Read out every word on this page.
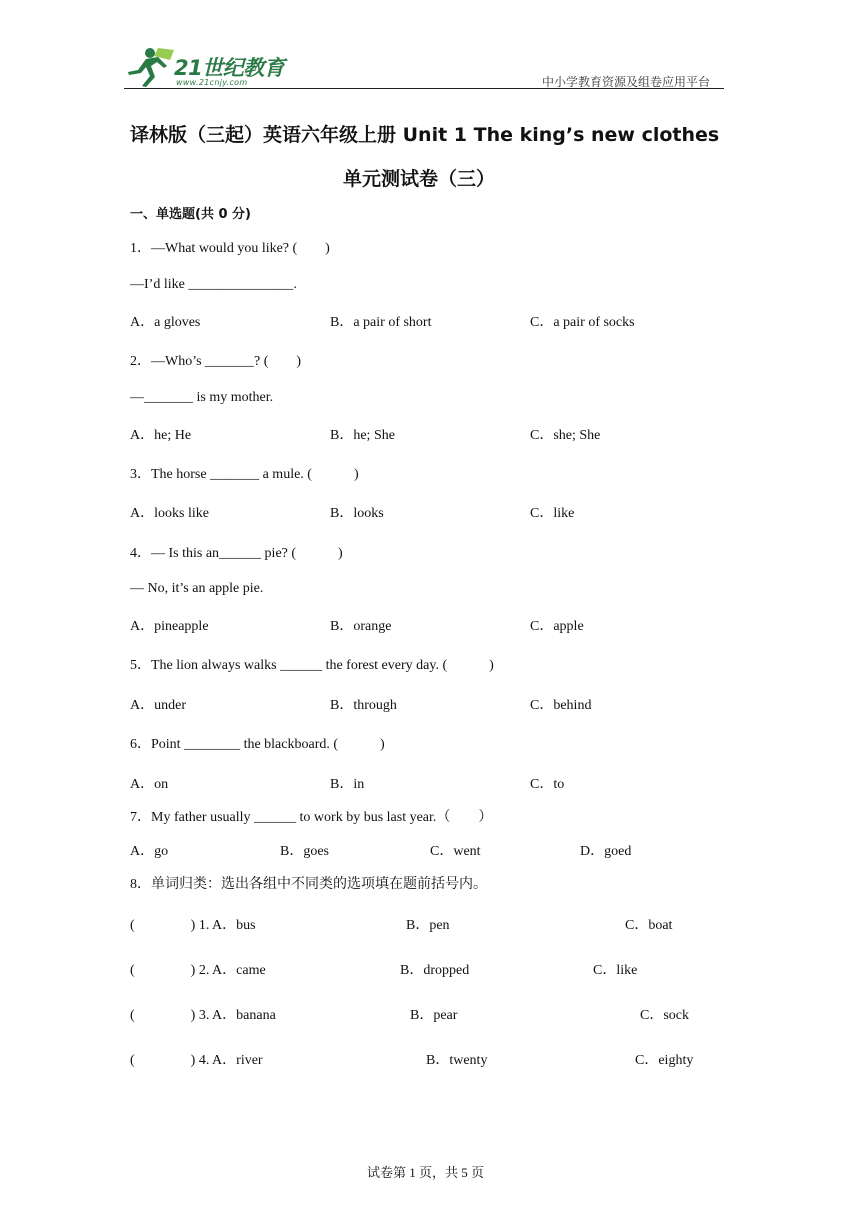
21世纪教育
www.21cnjy.com	中小学教育资源及组卷应用平台
译林版（三起）英语六年级上册 Unit 1 The king’s new clothes
单元测试卷（三）
一、单选题(共 0 分)
1．—What would you like? (　　)
—I’d like _______________.
A．a gloves	B．a pair of short	C．a pair of socks
2．—Who’s _______? (　　)
—_______ is my mother.
A．he; He	B．he; She	C．she; She
3．The horse _______ a mule. (　　　)
A．looks like	B．looks	C．like
4．— Is this an______ pie? (　　　)
— No, it’s an apple pie.
A．pineapple	B．orange	C．apple
5．The lion always walks ______ the forest every day. (　　　)
A．under	B．through	C．behind
6．Point ________ the blackboard. (　　　)
A．on	B．in	C．to
7．My father usually ______ to work by bus last year.（　　）
A．go	B．goes	C．went	D．goed
8．单词归类：选出各组中不同类的选项填在题前括号内。
(　　　　) 1. A．bus	B．pen	C．boat
(　　　　) 2. A．came	B．dropped	C．like
(　　　　) 3. A．banana	B．pear	C．sock
(　　　　) 4. A．river	B．twenty	C．eighty
试卷第 1 页，共 5 页
